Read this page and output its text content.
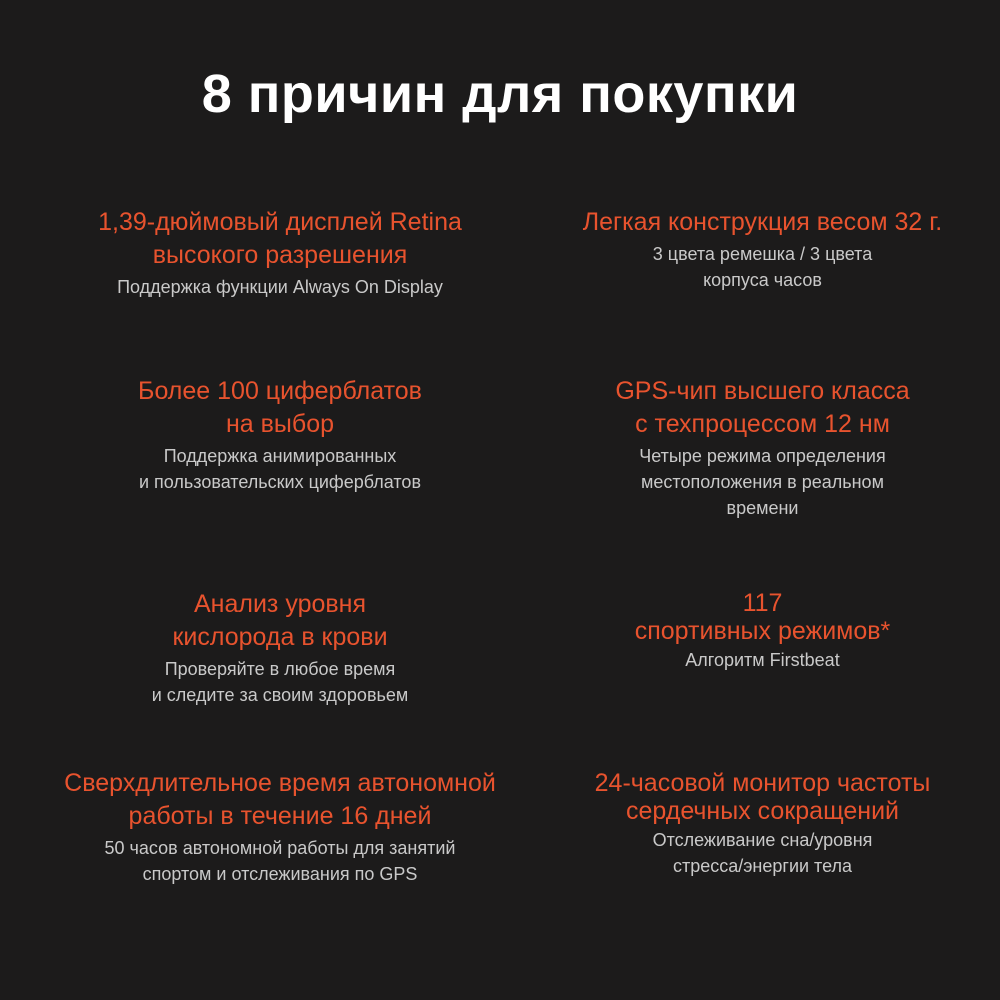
8 причин для покупки

1,39-дюймовый дисплей Retina
высокого разрешения

Поддержка функции Always On Display

Легкая конструкция весом 32 г.

3 цвета ремешка / 3 цвета
корпуса часов

Более 100 циферблатов
на выбор

Поддержка анимированных
и пользовательских циферблатов

GPS-чип высшего класса
с техпроцессом 12 нм

Четыре режима определения
местоположения в реальном
времени

Анализ уровня
кислорода в крови

Проверяйте в любое время
и следите за своим здоровьем

117
спортивных режимов*

Алгоритм Firstbeat

Сверхдлительное время автономной
работы в течение 16 дней

50 часов автономной работы для занятий
спортом и отслеживания по GPS

24-часовой монитор частоты
сердечных сокращений

Отслеживание сна/уровня
стресса/энергии тела
